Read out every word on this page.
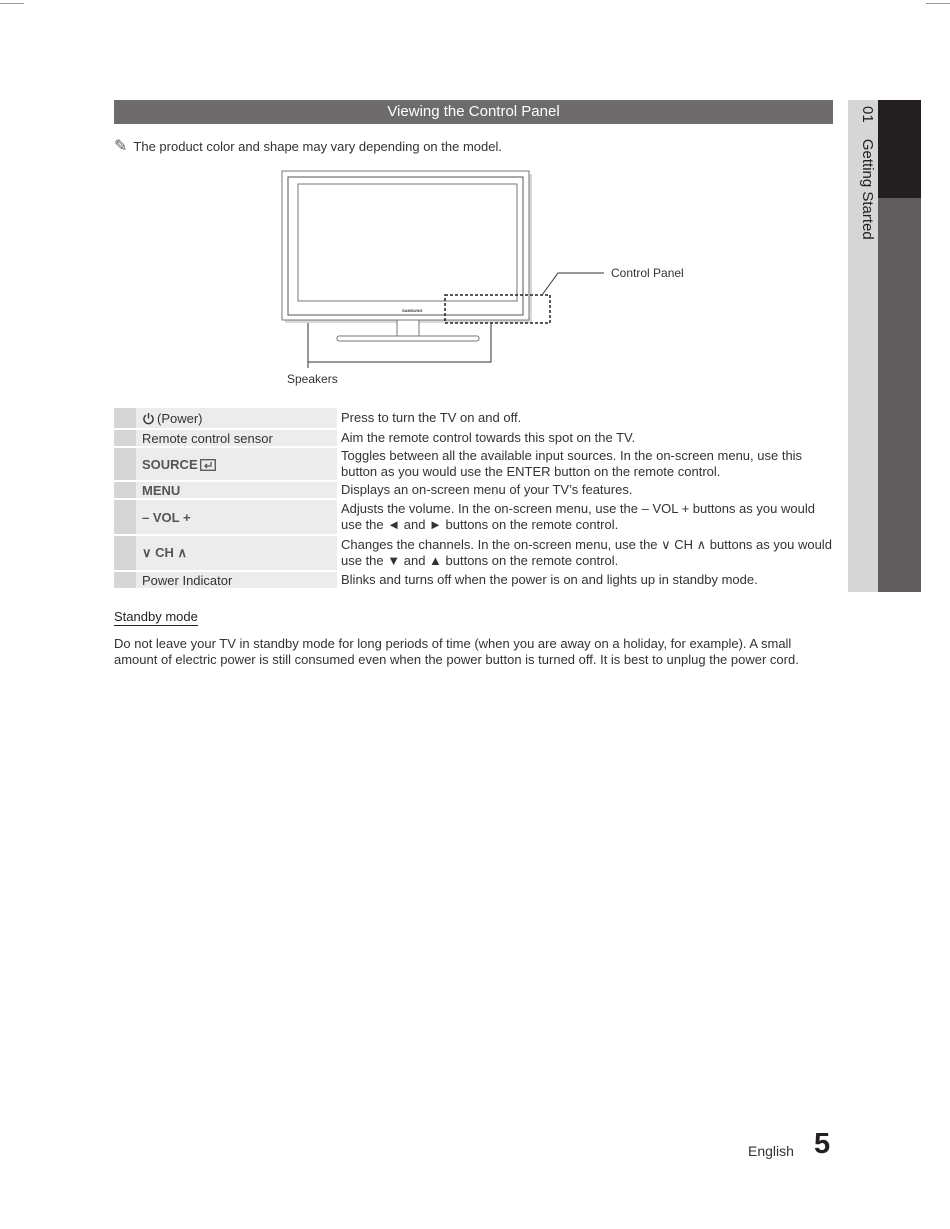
01 Getting Started
Viewing the Control Panel
✎ The product color and shape may vary depending on the model.
SAMSUNG
Control Panel
Speakers
	(Power)	Press to turn the TV on and off.
	Remote control sensor	Aim the remote control towards this spot on the TV.
	SOURCE	Toggles between all the available input sources. In the on-screen menu, use this button as you would use the ENTER button on the remote control.
	MENU	Displays an on-screen menu of your TV’s features.
	– VOL +	Adjusts the volume. In the on-screen menu, use the – VOL + buttons as you would use the ◄ and ► buttons on the remote control.
	∨ CH ∧	Changes the channels. In the on-screen menu, use the ∨ CH ∧ buttons as you would use the ▼ and ▲ buttons on the remote control.
	Power Indicator	Blinks and turns off when the power is on and lights up in standby mode.
Standby mode
Do not leave your TV in standby mode for long periods of time (when you are away on a holiday, for example). A small amount of electric power is still consumed even when the power button is turned off. It is best to unplug the power cord.
English 5
